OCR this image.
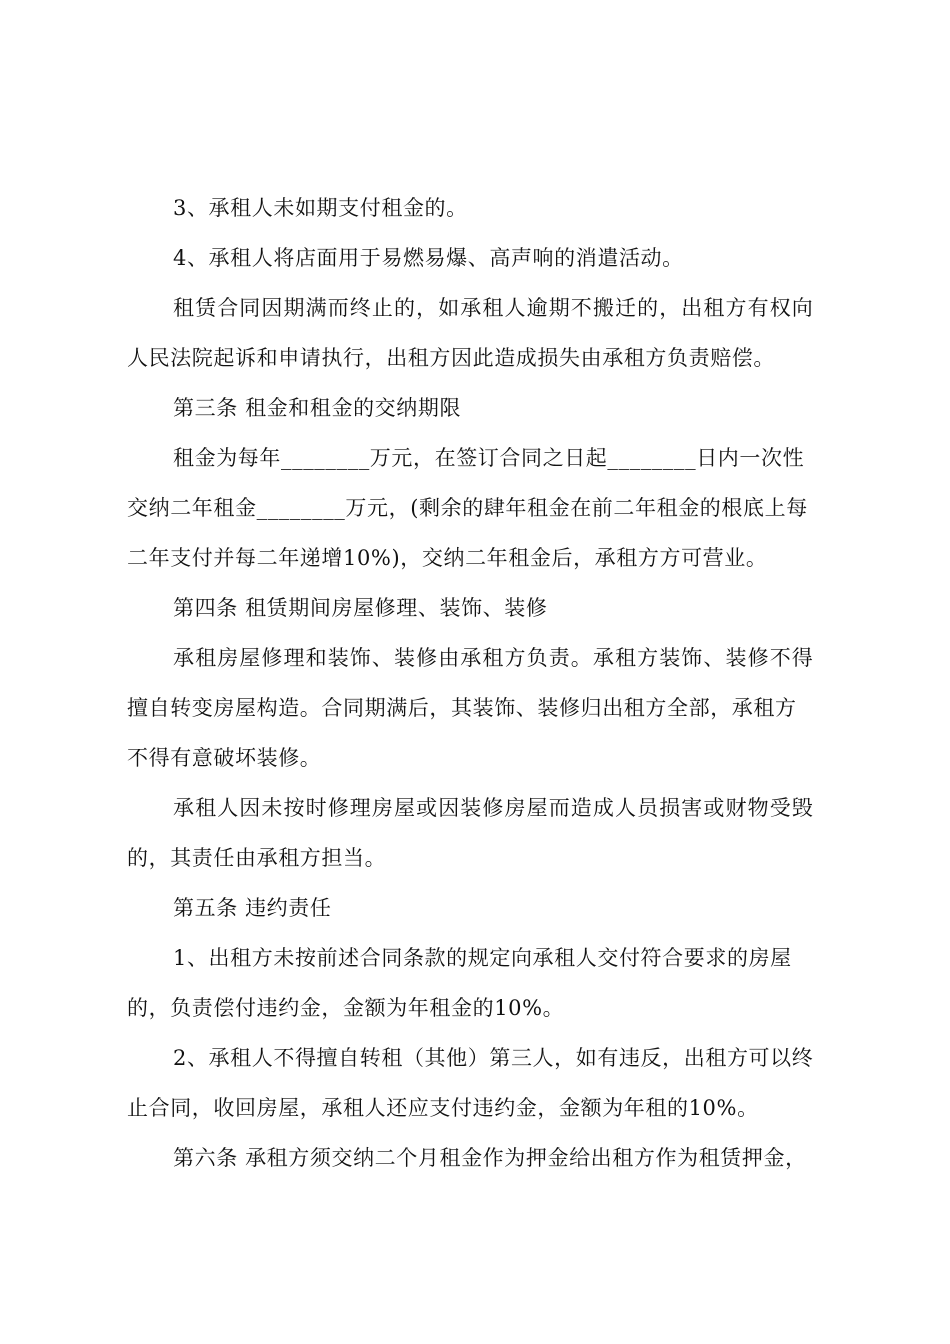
3、承租人未如期支付租金的。
4、承租人将店面用于易燃易爆、高声响的消遣活动。
租赁合同因期满而终止的，如承租人逾期不搬迁的，出租方有权向
人民法院起诉和申请执行，出租方因此造成损失由承租方负责赔偿。
第三条 租金和租金的交纳期限
租金为每年________万元，在签订合同之日起________日内一次性
交纳二年租金________万元，(剩余的肆年租金在前二年租金的根底上每
二年支付并每二年递增10%)，交纳二年租金后，承租方方可营业。
第四条 租赁期间房屋修理、装饰、装修
承租房屋修理和装饰、装修由承租方负责。承租方装饰、装修不得
擅自转变房屋构造。合同期满后，其装饰、装修归出租方全部，承租方
不得有意破坏装修。
承租人因未按时修理房屋或因装修房屋而造成人员损害或财物受毁
的，其责任由承租方担当。
第五条 违约责任
1、出租方未按前述合同条款的规定向承租人交付符合要求的房屋
的，负责偿付违约金，金额为年租金的10%。
2、承租人不得擅自转租（其他）第三人，如有违反，出租方可以终
止合同，收回房屋，承租人还应支付违约金，金额为年租的10%。
第六条 承租方须交纳二个月租金作为押金给出租方作为租赁押金，
